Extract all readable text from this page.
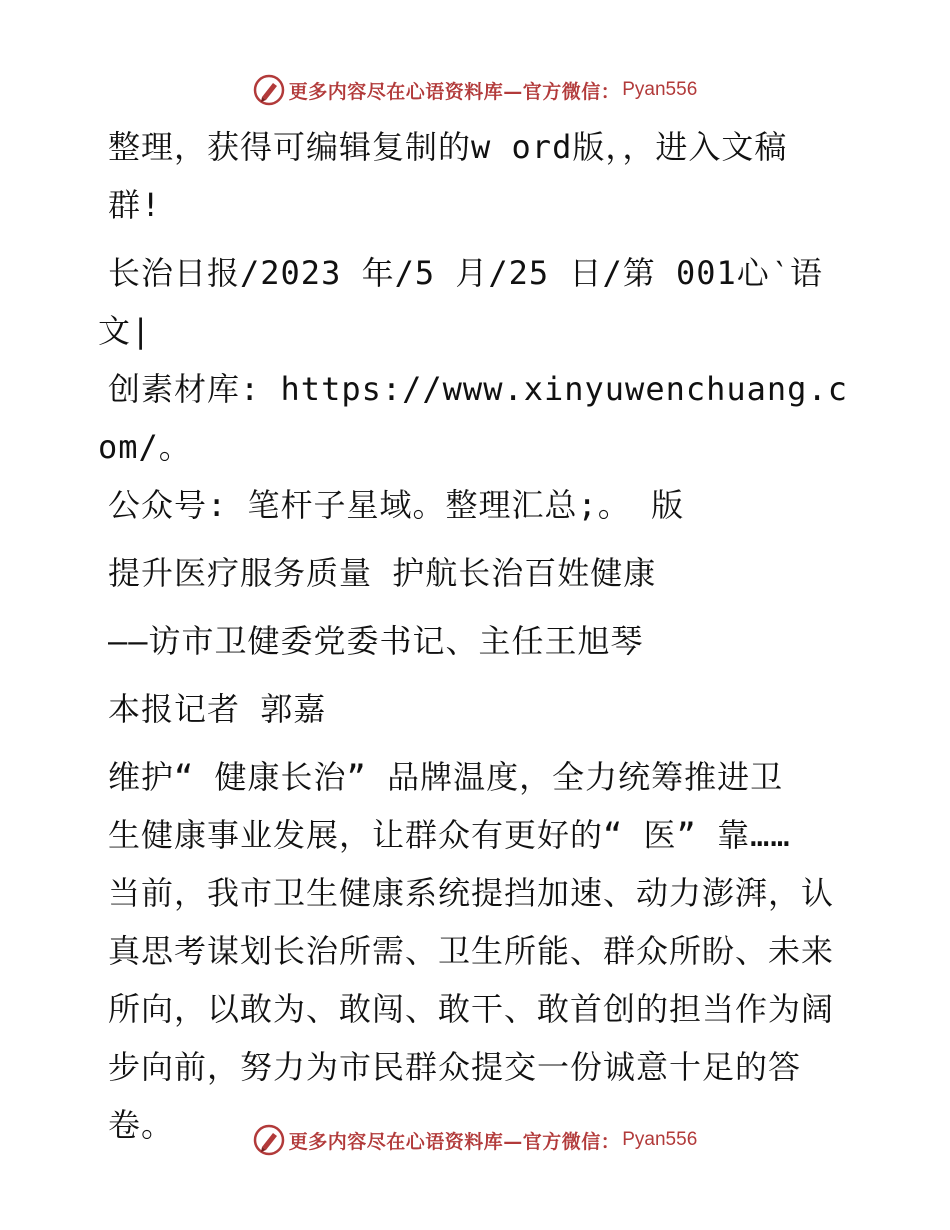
更多内容尽在心语资料库—官方微信： Pyan556

整理，获得可编辑复制的w ord版，，进入文稿
群!

长治日报/2023 年/5 月/25 日/第 001心‵语文|
创素材库: https://www.xinyuwenchuang.com/。
公众号: 笔杆子星域。整理汇总;。 版

提升医疗服务质量 护航长治百姓健康

——访市卫健委党委书记、主任王旭琴

本报记者 郭嘉

维护“ 健康长治” 品牌温度，全力统筹推进卫
生健康事业发展，让群众有更好的“ 医” 靠……
当前，我市卫生健康系统提挡加速、动力澎湃，认
真思考谋划长治所需、卫生所能、群众所盼、未来
所向，以敢为、敢闯、敢干、敢首创的担当作为阔
步向前，努力为市民群众提交一份诚意十足的答
卷。	更多内容尽在心语资料库—官方微信： Pyan556
